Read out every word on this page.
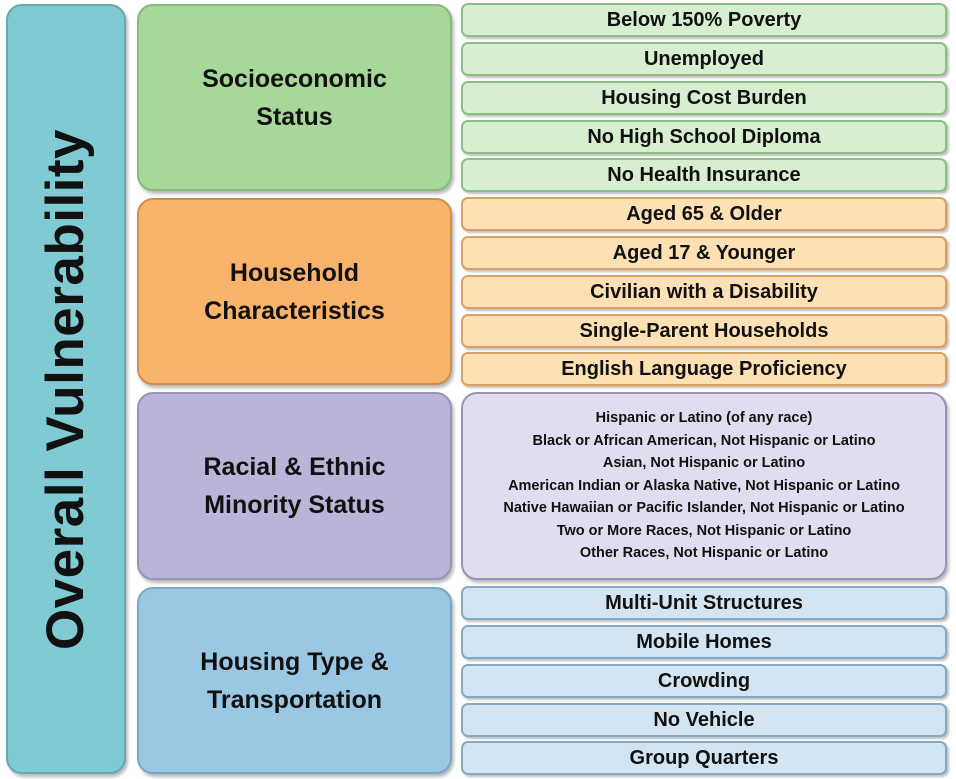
Overall Vulnerability
Socioeconomic
Status
Household
Characteristics
Racial & Ethnic
Minority Status
Housing Type &
Transportation
Below 150% Poverty
Unemployed
Housing Cost Burden
No High School Diploma
No Health Insurance
Aged 65 & Older
Aged 17 & Younger
Civilian with a Disability
Single-Parent Households
English Language Proficiency
Hispanic or Latino (of any race)
Black or African American, Not Hispanic or Latino
Asian, Not Hispanic or Latino
American Indian or Alaska Native, Not Hispanic or Latino
Native Hawaiian or Pacific Islander, Not Hispanic or Latino
Two or More Races, Not Hispanic or Latino
Other Races, Not Hispanic or Latino
Multi-Unit Structures
Mobile Homes
Crowding
No Vehicle
Group Quarters
